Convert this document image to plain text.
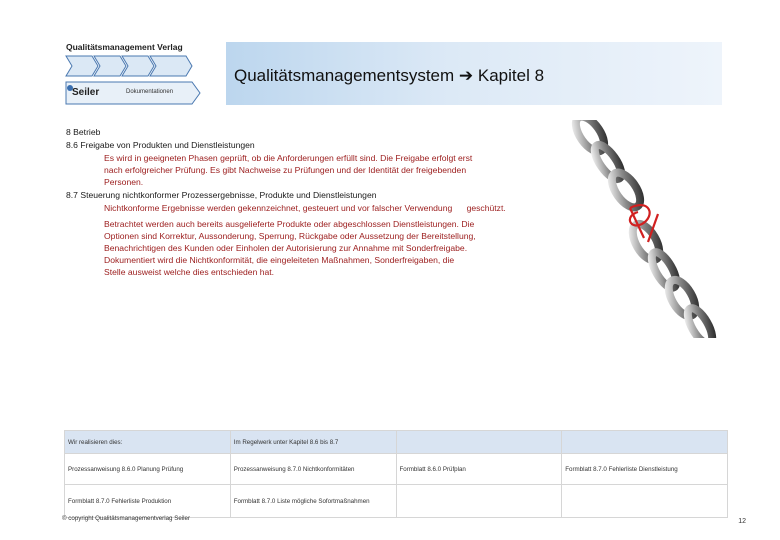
Qualitätsmanagement Verlag
Seiler	Dokumentationen
Qualitätsmanagementsystem ➔ Kapitel 8
8 Betrieb
8.6 Freigabe von Produkten und Dienstleistungen
Es wird in geeigneten Phasen geprüft, ob die Anforderungen erfüllt sind. Die Freigabe erfolgt erst
nach erfolgreicher Prüfung. Es gibt Nachweise zu Prüfungen und der Identität der freigebenden
Personen.
8.7 Steuerung nichtkonformer Prozessergebnisse, Produkte und Dienstleistungen
Nichtkonforme Ergebnisse werden gekennzeichnet, gesteuert und vor falscher Verwendung      geschützt.
Betrachtet werden auch bereits ausgelieferte Produkte oder abgeschlossen Dienstleistungen. Die
Optionen sind Korrektur, Aussonderung, Sperrung, Rückgabe oder Aussetzung der Bereitstellung,
Benachrichtigen des Kunden oder Einholen der Autorisierung zur Annahme mit Sonderfreigabe.
Dokumentiert wird die Nichtkonformität, die eingeleiteten Maßnahmen, Sonderfreigaben, die
Stelle ausweist welche dies entschieden hat.
Wir realisieren dies:	Im Regelwerk unter Kapitel 8.6 bis 8.7		
Prozessanweisung 8.6.0 Planung Prüfung	Prozessanweisung 8.7.0 Nichtkonformitäten	Formblatt 8.6.0 Prüfplan	Formblatt 8.7.0 Fehlerliste Dienstleistung
Formblatt 8.7.0 Fehlerliste Produktion	Formblatt 8.7.0 Liste mögliche Sofortmaßnahmen		
© copyright Qualitätsmanagementverlag Seiler	12
